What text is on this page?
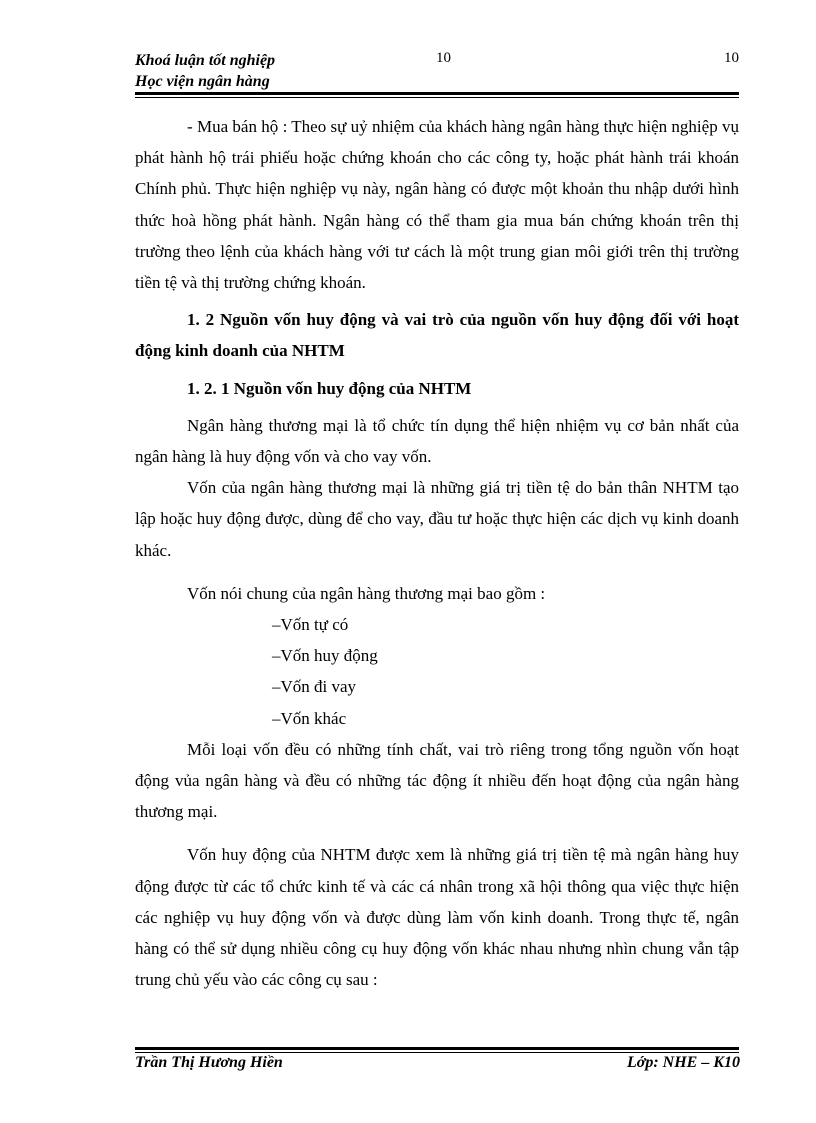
Khoá luận tốt nghiệp
Học viện ngân hàng
10	10

- Mua bán hộ : Theo sự uỷ nhiệm của khách hàng ngân hàng thực hiện nghiệp vụ phát hành hộ trái phiếu hoặc chứng khoán cho các công ty, hoặc phát hành trái khoán Chính phủ. Thực hiện nghiệp vụ này, ngân hàng có được một khoản thu nhập dưới hình thức hoà hồng phát hành. Ngân hàng có thể tham gia mua bán chứng khoán trên thị trường theo lệnh của khách hàng với tư cách là một trung gian môi giới trên thị trường tiền tệ và thị trường chứng khoán.

1. 2 Nguồn vốn huy động và vai trò của nguồn vốn huy động đối với hoạt động kinh doanh của NHTM

1. 2. 1 Nguồn vốn huy động của NHTM

Ngân hàng thương mại là tổ chức tín dụng thể hiện nhiệm vụ cơ bản nhất của ngân hàng là huy động vốn và cho vay vốn.

Vốn của ngân hàng thương mại là những giá trị tiền tệ do bản thân NHTM tạo lập hoặc huy động được, dùng để cho vay, đầu tư hoặc thực hiện các dịch vụ kinh doanh khác.

Vốn nói chung của ngân hàng thương mại bao gồm :

–Vốn tự có

–Vốn huy động

–Vốn đi vay

–Vốn khác

Mỗi loại vốn đều có những tính chất, vai trò riêng trong tổng nguồn vốn hoạt động vủa ngân hàng và đều có những tác động ít nhiều đến hoạt động của ngân hàng thương mại.

Vốn huy động của NHTM được xem là những giá trị tiền tệ mà ngân hàng huy động được từ các tổ chức kinh tế và các cá nhân trong xã hội thông qua việc thực hiện các nghiệp vụ huy động vốn và được dùng làm vốn kinh doanh. Trong thực tế, ngân hàng có thể sử dụng nhiều công cụ huy động vốn khác nhau nhưng nhìn chung vẫn tập trung chủ yếu vào các công cụ sau :

Trần Thị Hương Hiền	Lớp: NHE – K10
